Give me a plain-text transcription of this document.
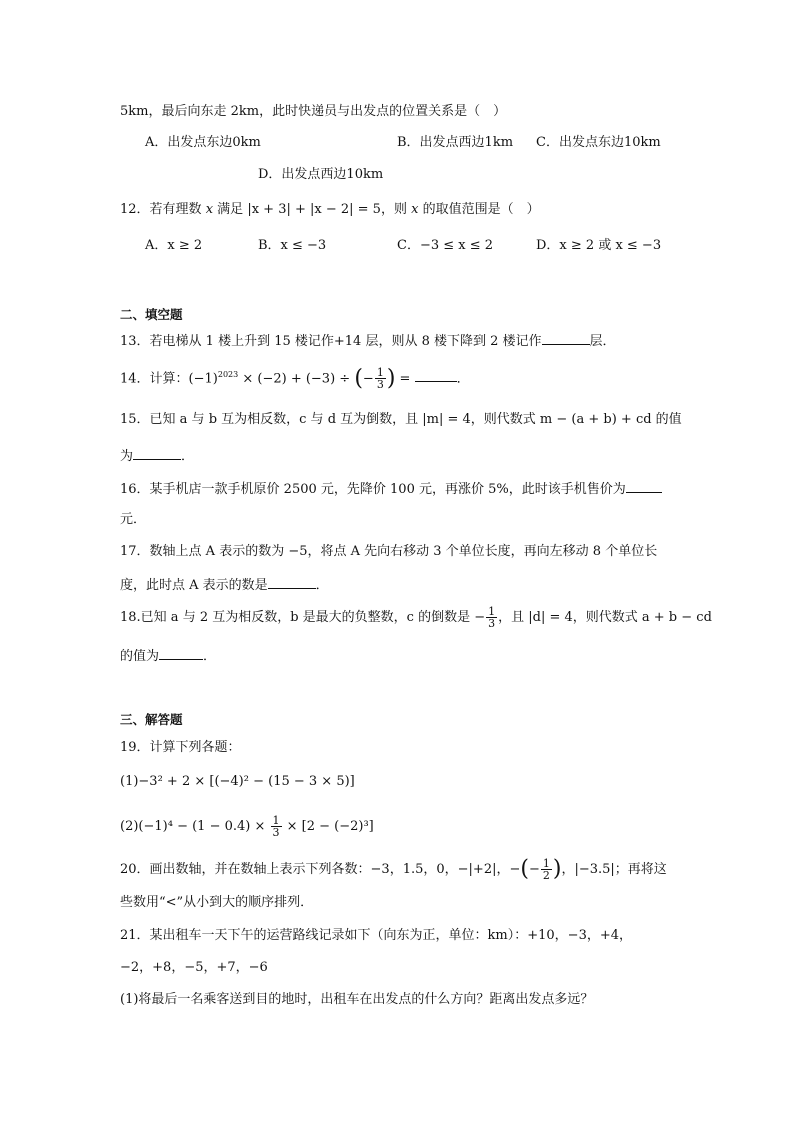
5km，最后向东走 2km，此时快递员与出发点的位置关系是（　）
A．出发点东边0km	B．出发点西边1km C．出发点东边10km
D．出发点西边10km
12．若有理数 x 满足 |x + 3| + |x − 2| = 5，则 x 的取值范围是（　）
A．x ≥ 2	B．x ≤ −3	C．−3 ≤ x ≤ 2	D．x ≥ 2 或 x ≤ −3
二、填空题
13．若电梯从 1 楼上升到 15 楼记作+14 层，则从 8 楼下降到 2 楼记作	层．
14．计算：$(-1)^{2023} \times (-2) + (-3)$ ÷ (− $\frac{1}{3}$ ) =	．
15．已知 a 与 b 互为相反数，c 与 d 互为倒数，且 |m| = 4，则代数式 m − (a + b) + cd 的值
为	．
16．某手机店一款手机原价 2500 元，先降价 100 元，再涨价 5%，此时该手机售价为
元．
17．数轴上点 A 表示的数为 −5，将点 A 先向右移动 3 个单位长度，再向左移动 8 个单位长
度，此时点 A 表示的数是	．
18.已知 a 与 2 互为相反数，b 是最大的负整数，c 的倒数是 − $\frac{1}{3}$ ，且 |d| = 4，则代数式 a + b − cd
的值为	．
三、解答题
19．计算下列各题：
(1)−3² + 2 × [(−4)² − (15 − 3 × 5)]
$(2)(-1)^4 - (1 - 0.4) \times \frac{1}{3} \times [2 - (-2)^3]$
20．画出数轴，并在数轴上表示下列各数：−3，1.5，0，−|+2|，−(− $\frac{1}{2}$ )，|−3.5|；再将这
些数用“<”从小到大的顺序排列．
21．某出租车一天下午的运营路线记录如下（向东为正，单位：km）：+10，−3，+4，
−2，+8，−5，+7，−6
(1)将最后一名乘客送到目的地时，出租车在出发点的什么方向？距离出发点多远？
